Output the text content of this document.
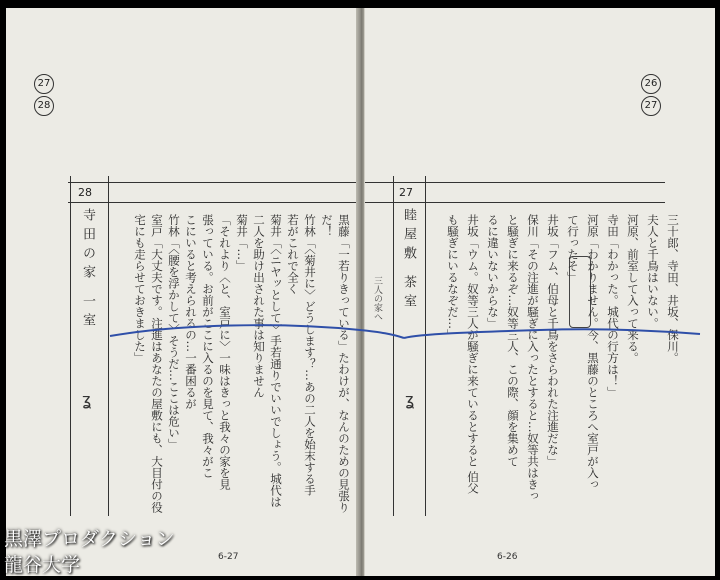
27
28
28
寺田の家 一室
ʓ	黒藤「一若りきっている」たわけが、なんのための見張り
だ！
竹林「〈菊井に〉どうします？…あの二人を始末する手
若がこれで全く
菊井「〈ニヤッとして〉手若通りでいいでしょう。城代は
二人を助け出された事は知りません
菊井「…」
「それより〈と、室戸に〉一味はきっと我々の家を見
張っている。お前がここに入るのを見て、我々がこ
こにいると考えられるの…一番困るが
竹林「〈腰を浮かして〉そうだ…ここは危い」
室戸「大丈夫です。注進はあなたの屋敷にも、大目付の役
宅にも走らせておきました」
6-27
26
27
27
睦屋敷 茶室
ʓ
三人の家へ	三十郎、寺田、井坂、保川。
夫人と千鳥はいない。
河原、前室して入って来る。
寺田「わかった。城代の行方は！」
河原「わかりません。今、黒藤のところへ室戸が入っ
て行ったそ」
井坂「フム、伯母と千鳥をさらわれた注進だな」
保川「その注進が騒ぎに入ったとすると…奴等共はきっ
と騒ぎに来るぞ…奴等三人、この際、顔を集めて
るに違いないからな」
井坂「ウム。奴等三人が騒ぎに来ているとすると 伯父
も騒ぎにいるなぞだ…」
6-26
黒澤プロダクション
龍谷大学
